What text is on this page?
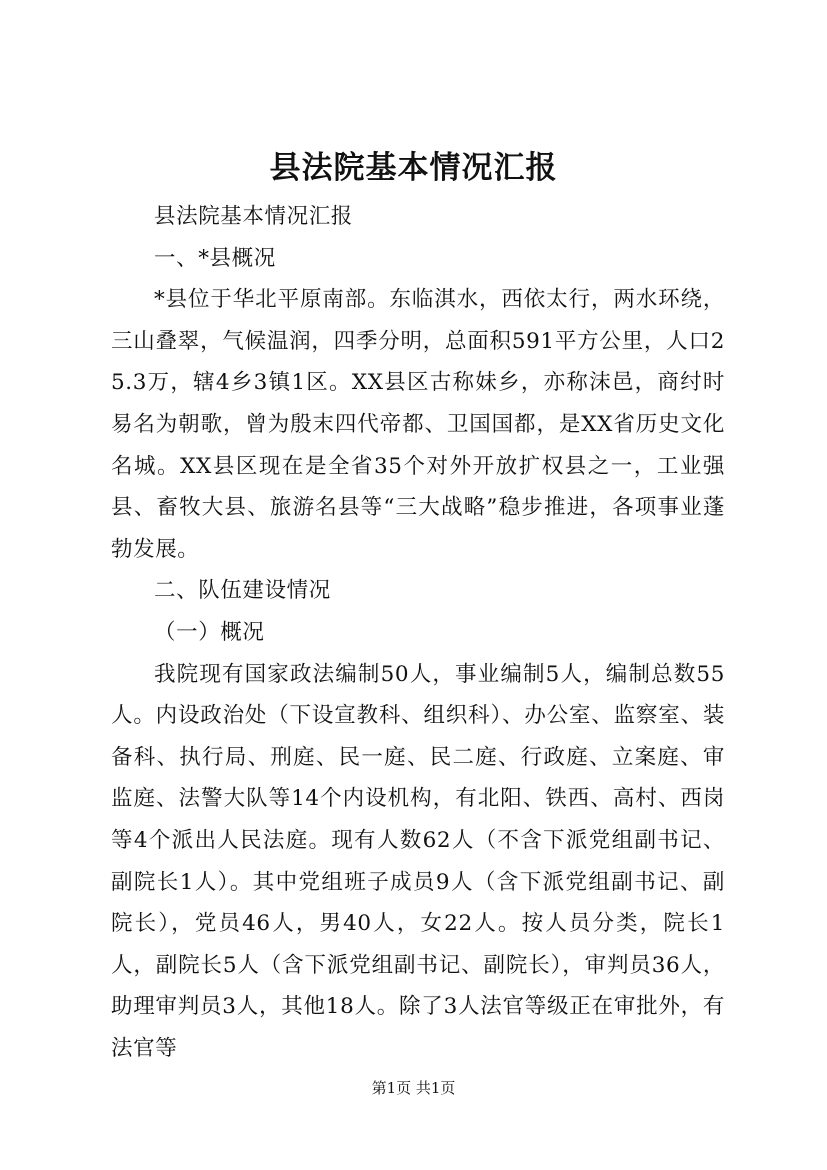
县法院基本情况汇报

县法院基本情况汇报

一、*县概况

*县位于华北平原南部。东临淇水，西依太行，两水环绕，三山叠翠，气候温润，四季分明，总面积591平方公里，人口25.3万，辖4乡3镇1区。XX县区古称妹乡，亦称沫邑，商纣时易名为朝歌，曾为殷末四代帝都、卫国国都，是XX省历史文化名城。XX县区现在是全省35个对外开放扩权县之一，工业强县、畜牧大县、旅游名县等“三大战略”稳步推进，各项事业蓬勃发展。

二、队伍建设情况

（一）概况

我院现有国家政法编制50人，事业编制5人，编制总数55人。内设政治处（下设宣教科、组织科）、办公室、监察室、装备科、执行局、刑庭、民一庭、民二庭、行政庭、立案庭、审监庭、法警大队等14个内设机构，有北阳、铁西、高村、西岗等4个派出人民法庭。现有人数62人（不含下派党组副书记、副院长1人）。其中党组班子成员9人（含下派党组副书记、副院长），党员46人，男40人，女22人。按人员分类，院长1人，副院长5人（含下派党组副书记、副院长），审判员36人，助理审判员3人，其他18人。除了3人法官等级正在审批外，有法官等

第1页 共1页
